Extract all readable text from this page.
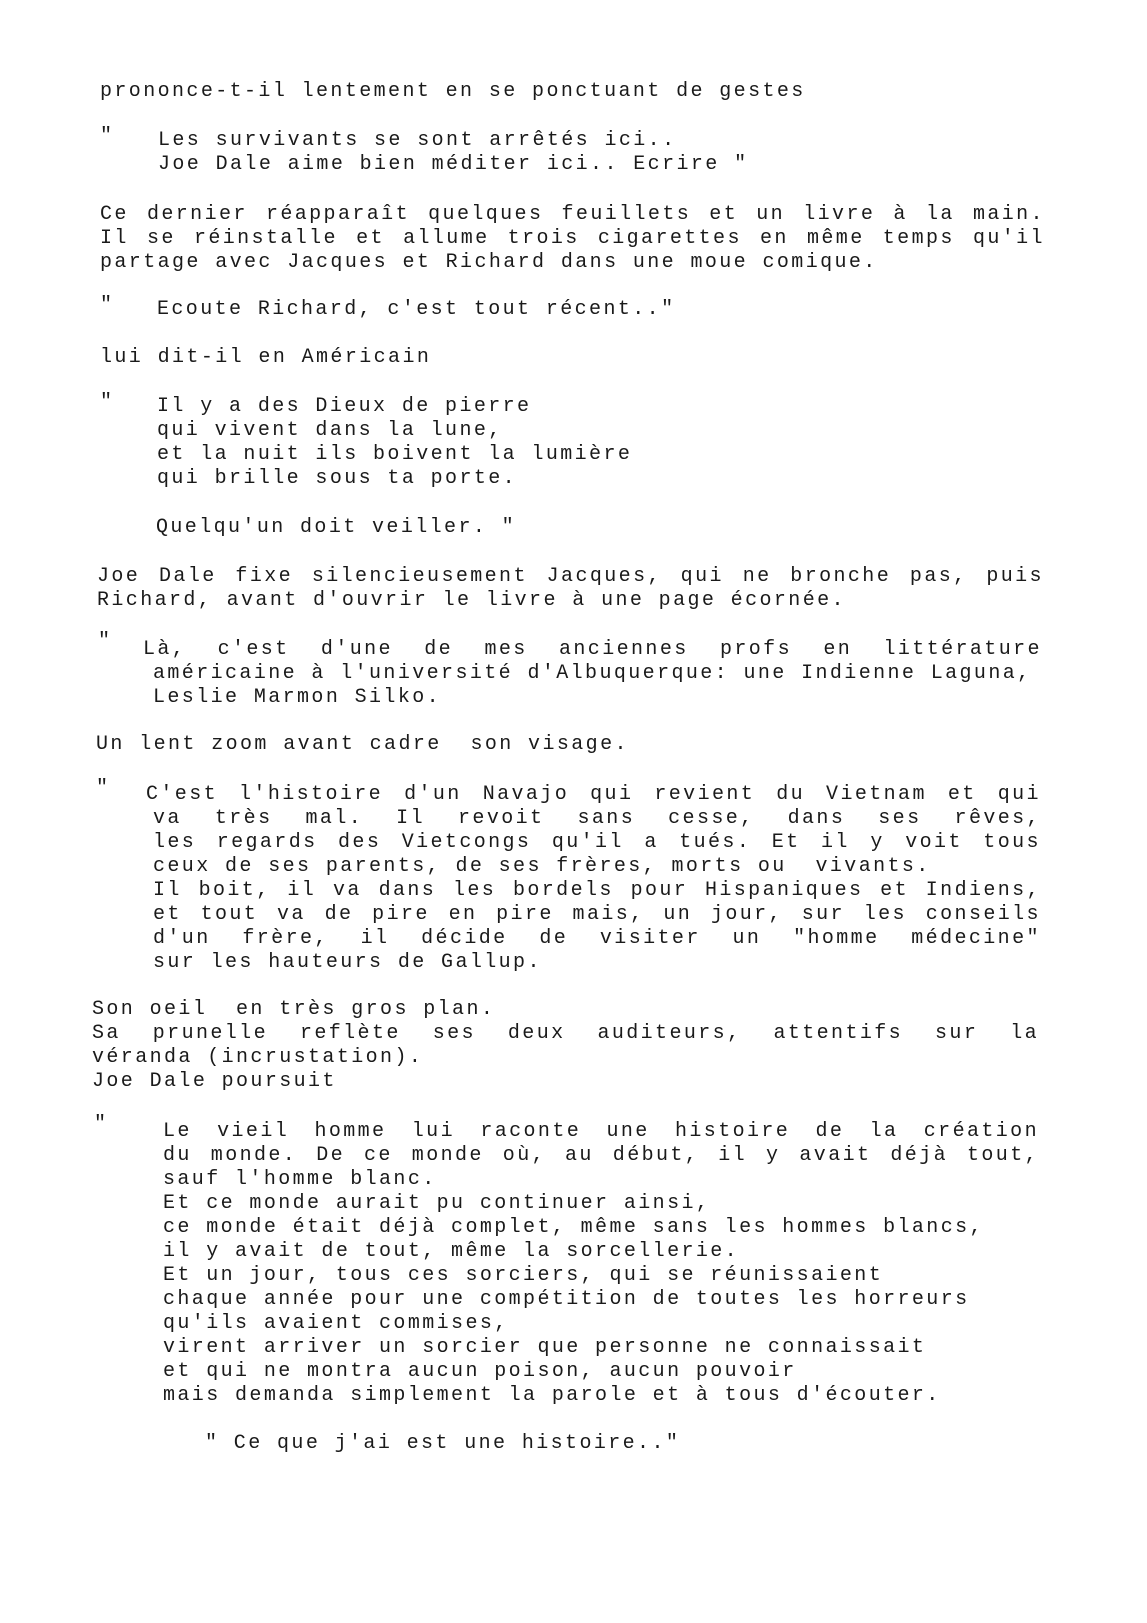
prononce-t-il lentement en se ponctuant de gestes
" Les survivants se sont arrêtés ici..
Joe Dale aime bien méditer ici.. Ecrire "
Ce dernier réapparaît quelques feuillets et un livre à la main.
Il se réinstalle et allume trois cigarettes en même temps qu'il
partage avec Jacques et Richard dans une moue comique.
" Ecoute Richard, c'est tout récent.."
lui dit-il en Américain
" Il y a des Dieux de pierre
qui vivent dans la lune,
et la nuit ils boivent la lumière
qui brille sous ta porte.
Quelqu'un doit veiller. "
Joe Dale fixe silencieusement Jacques, qui ne bronche pas, puis
Richard, avant d'ouvrir le livre à une page écornée.
" Là, c'est d'une de mes anciennes profs en littérature
américaine à l'université d'Albuquerque: une Indienne Laguna,
Leslie Marmon Silko.
Un lent zoom avant cadre  son visage.
" C'est l'histoire d'un Navajo qui revient du Vietnam et qui
va très mal. Il revoit sans cesse, dans ses rêves,
les regards des Vietcongs qu'il a tués. Et il y voit tous
ceux de ses parents, de ses frères, morts ou  vivants.
Il boit, il va dans les bordels pour Hispaniques et Indiens,
et tout va de pire en pire mais, un jour, sur les conseils
d'un frère, il décide de visiter un "homme médecine"
sur les hauteurs de Gallup.
Son oeil  en très gros plan.
Sa prunelle reflète ses deux auditeurs, attentifs sur la
véranda (incrustation).
Joe Dale poursuit
"	Le vieil homme lui raconte une histoire de la création
du monde. De ce monde où, au début, il y avait déjà tout,
sauf l'homme blanc.
Et ce monde aurait pu continuer ainsi,
ce monde était déjà complet, même sans les hommes blancs,
il y avait de tout, même la sorcellerie.
Et un jour, tous ces sorciers, qui se réunissaient
chaque année pour une compétition de toutes les horreurs
qu'ils avaient commises,
virent arriver un sorcier que personne ne connaissait
et qui ne montra aucun poison, aucun pouvoir
mais demanda simplement la parole et à tous d'écouter.
" Ce que j'ai est une histoire.."
